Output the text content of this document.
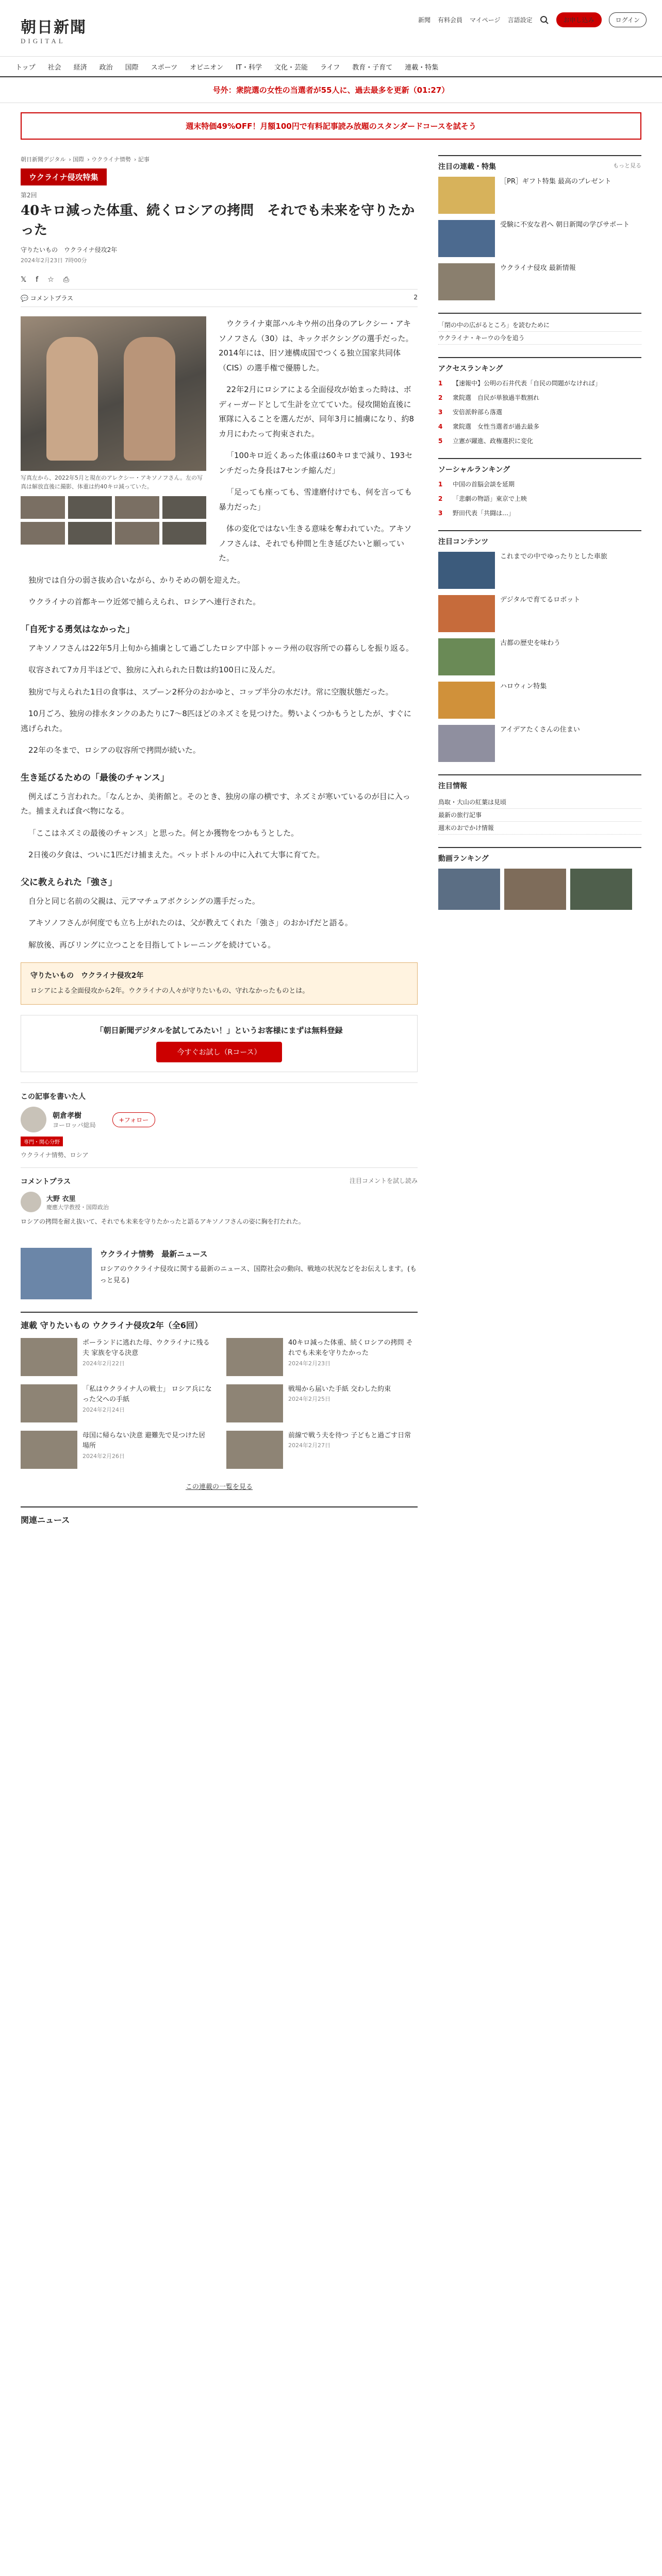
朝日新聞
DIGITAL
新聞 有料会員 マイページ 言語設定	お申し込み	ログイン
トップ 社会 経済 政治 国際 スポーツ オピニオン IT・科学 文化・芸能 ライフ 教育・子育て 連載・特集
号外：衆院選の女性の当選者が55人に、過去最多を更新（01:27）
週末特価49%OFF！月額100円で有料記事読み放題のスタンダードコースを試そう
朝日新聞デジタル › 国際 › ウクライナ情勢 › 記事
ウクライナ侵攻特集
第2回
40キロ減った体重、続くロシアの拷問　それでも未来を守りたかった
守りたいもの　ウクライナ侵攻2年
2024年2月23日 7時00分
𝕏 f ☆ ⎙
💬 コメントプラス	2
写真左から、2022年5月と現在のアレクシー・アキソノフさん。左の写真は解放直後に撮影、体重は約40キロ減っていた。

ウクライナ東部ハルキウ州の出身のアレクシー・アキソノフさん（30）は、キックボクシングの選手だった。2014年には、旧ソ連構成国でつくる独立国家共同体（CIS）の選手権で優勝した。

22年2月にロシアによる全面侵攻が始まった時は、ボディーガードとして生計を立てていた。侵攻開始直後に軍隊に入ることを選んだが、同年3月に捕虜になり、約8カ月にわたって拘束された。

「100キロ近くあった体重は60キロまで減り、193センチだった身長は7センチ縮んだ」

「足っても座っても、雪達磨付けでも、何を言っても暴力だった」

体の変化ではない生きる意味を奪われていた。アキソノフさんは、それでも仲間と生き延びたいと願っていた。

独房では自分の弱さ抜め合いながら、かりそめの朝を迎えた。

ウクライナの首都キーウ近郊で捕らえられ、ロシアへ連行された。

「自死する勇気はなかった」

アキソノフさんは22年5月上旬から捕虜として過ごしたロシア中部トゥーラ州の収容所での暮らしを振り返る。

収容されて7カ月半ほどで、独房に入れられた日数は約100日に及んだ。

独房で与えられた1日の食事は、スプーン2杯分のおかゆと、コップ半分の水だけ。常に空腹状態だった。

10月ごろ、独房の排水タンクのあたりに7〜8匹ほどのネズミを見つけた。勢いよくつかもうとしたが、すぐに逃げられた。

22年の冬まで、ロシアの収容所で拷問が続いた。

生き延びるための「最後のチャンス」

例えばこう言われた。「なんとか、美術館と。そのとき、独房の扉の横です、ネズミが寒いているのが目に入った。捕まえれば食べ物になる。

「ここはネズミの最後のチャンス」と思った。何とか獲物をつかもうとした。

2日後の夕食は、ついに1匹だけ捕まえた。ペットボトルの中に入れて大事に育てた。

父に教えられた「強さ」

自分と同じ名前の父親は、元アマチュアボクシングの選手だった。

アキソノフさんが何度でも立ち上がれたのは、父が教えてくれた「強さ」のおかげだと語る。

解放後、再びリングに立つことを目指してトレーニングを続けている。

守りたいもの　ウクライナ侵攻2年
ロシアによる全面侵攻から2年。ウクライナの人々が守りたいもの、守れなかったものとは。
「朝日新聞デジタルを試してみたい！」というお客様にまずは無料登録
今すぐお試し（Rコース）
この記事を書いた人
朝倉孝樹
ヨーロッパ総局
+フォロー
専門・関心分野
ウクライナ情勢、ロシア
コメントプラス	注目コメントを試し読み
大野 衣里
慶應大学教授・国際政治
ロシアの拷問を耐え抜いて、それでも未来を守りたかったと語るアキソノフさんの姿に胸を打たれた。
ウクライナ情勢　最新ニュース
ロシアのウクライナ侵攻に関する最新のニュース、国際社会の動向、戦地の状況などをお伝えします。(もっと見る)
連載 守りたいもの ウクライナ侵攻2年（全6回）
ポーランドに逃れた母、ウクライナに残る夫 家族を守る決意
2024年2月22日
40キロ減った体重、続くロシアの拷問 それでも未来を守りたかった
2024年2月23日
「私はウクライナ人の戦士」 ロシア兵になった父への手紙
2024年2月24日
戦場から届いた手紙 交わした約束
2024年2月25日
母国に帰らない決意 避難先で見つけた居場所
2024年2月26日
前線で戦う夫を待つ 子どもと過ごす日常
2024年2月27日
この連載の一覧を見る
関連ニュース
注目の連載・特集	もっと見る
［PR］ギフト特集 最高のプレゼント
受験に不安な君へ 朝日新聞の学びサポート
ウクライナ侵攻 最新情報
「閉の中の広がるところ」を読むために
ウクライナ・キーウの今を追う
アクセスランキング
1	【速報中】公明の石井代表「自民の問題がなければ」
2	衆院選　自民が単独過半数割れ
3	安倍派幹部ら落選
4	衆院選　女性当選者が過去最多
5	立憲が躍進、政権選択に変化
ソーシャルランキング
1	中国の首脳会談を延期
2	「悲劇の物語」東京で上映
3	野田代表「共闘は…」
注目コンテンツ
これまでの中でゆったりとした車旅
デジタルで育てるロボット
古都の歴史を味わう
ハロウィン特集
アイデアたくさんの住まい
注目情報
鳥取・大山の紅葉は見頃
最新の旅行記事
週末のおでかけ情報
動画ランキング
